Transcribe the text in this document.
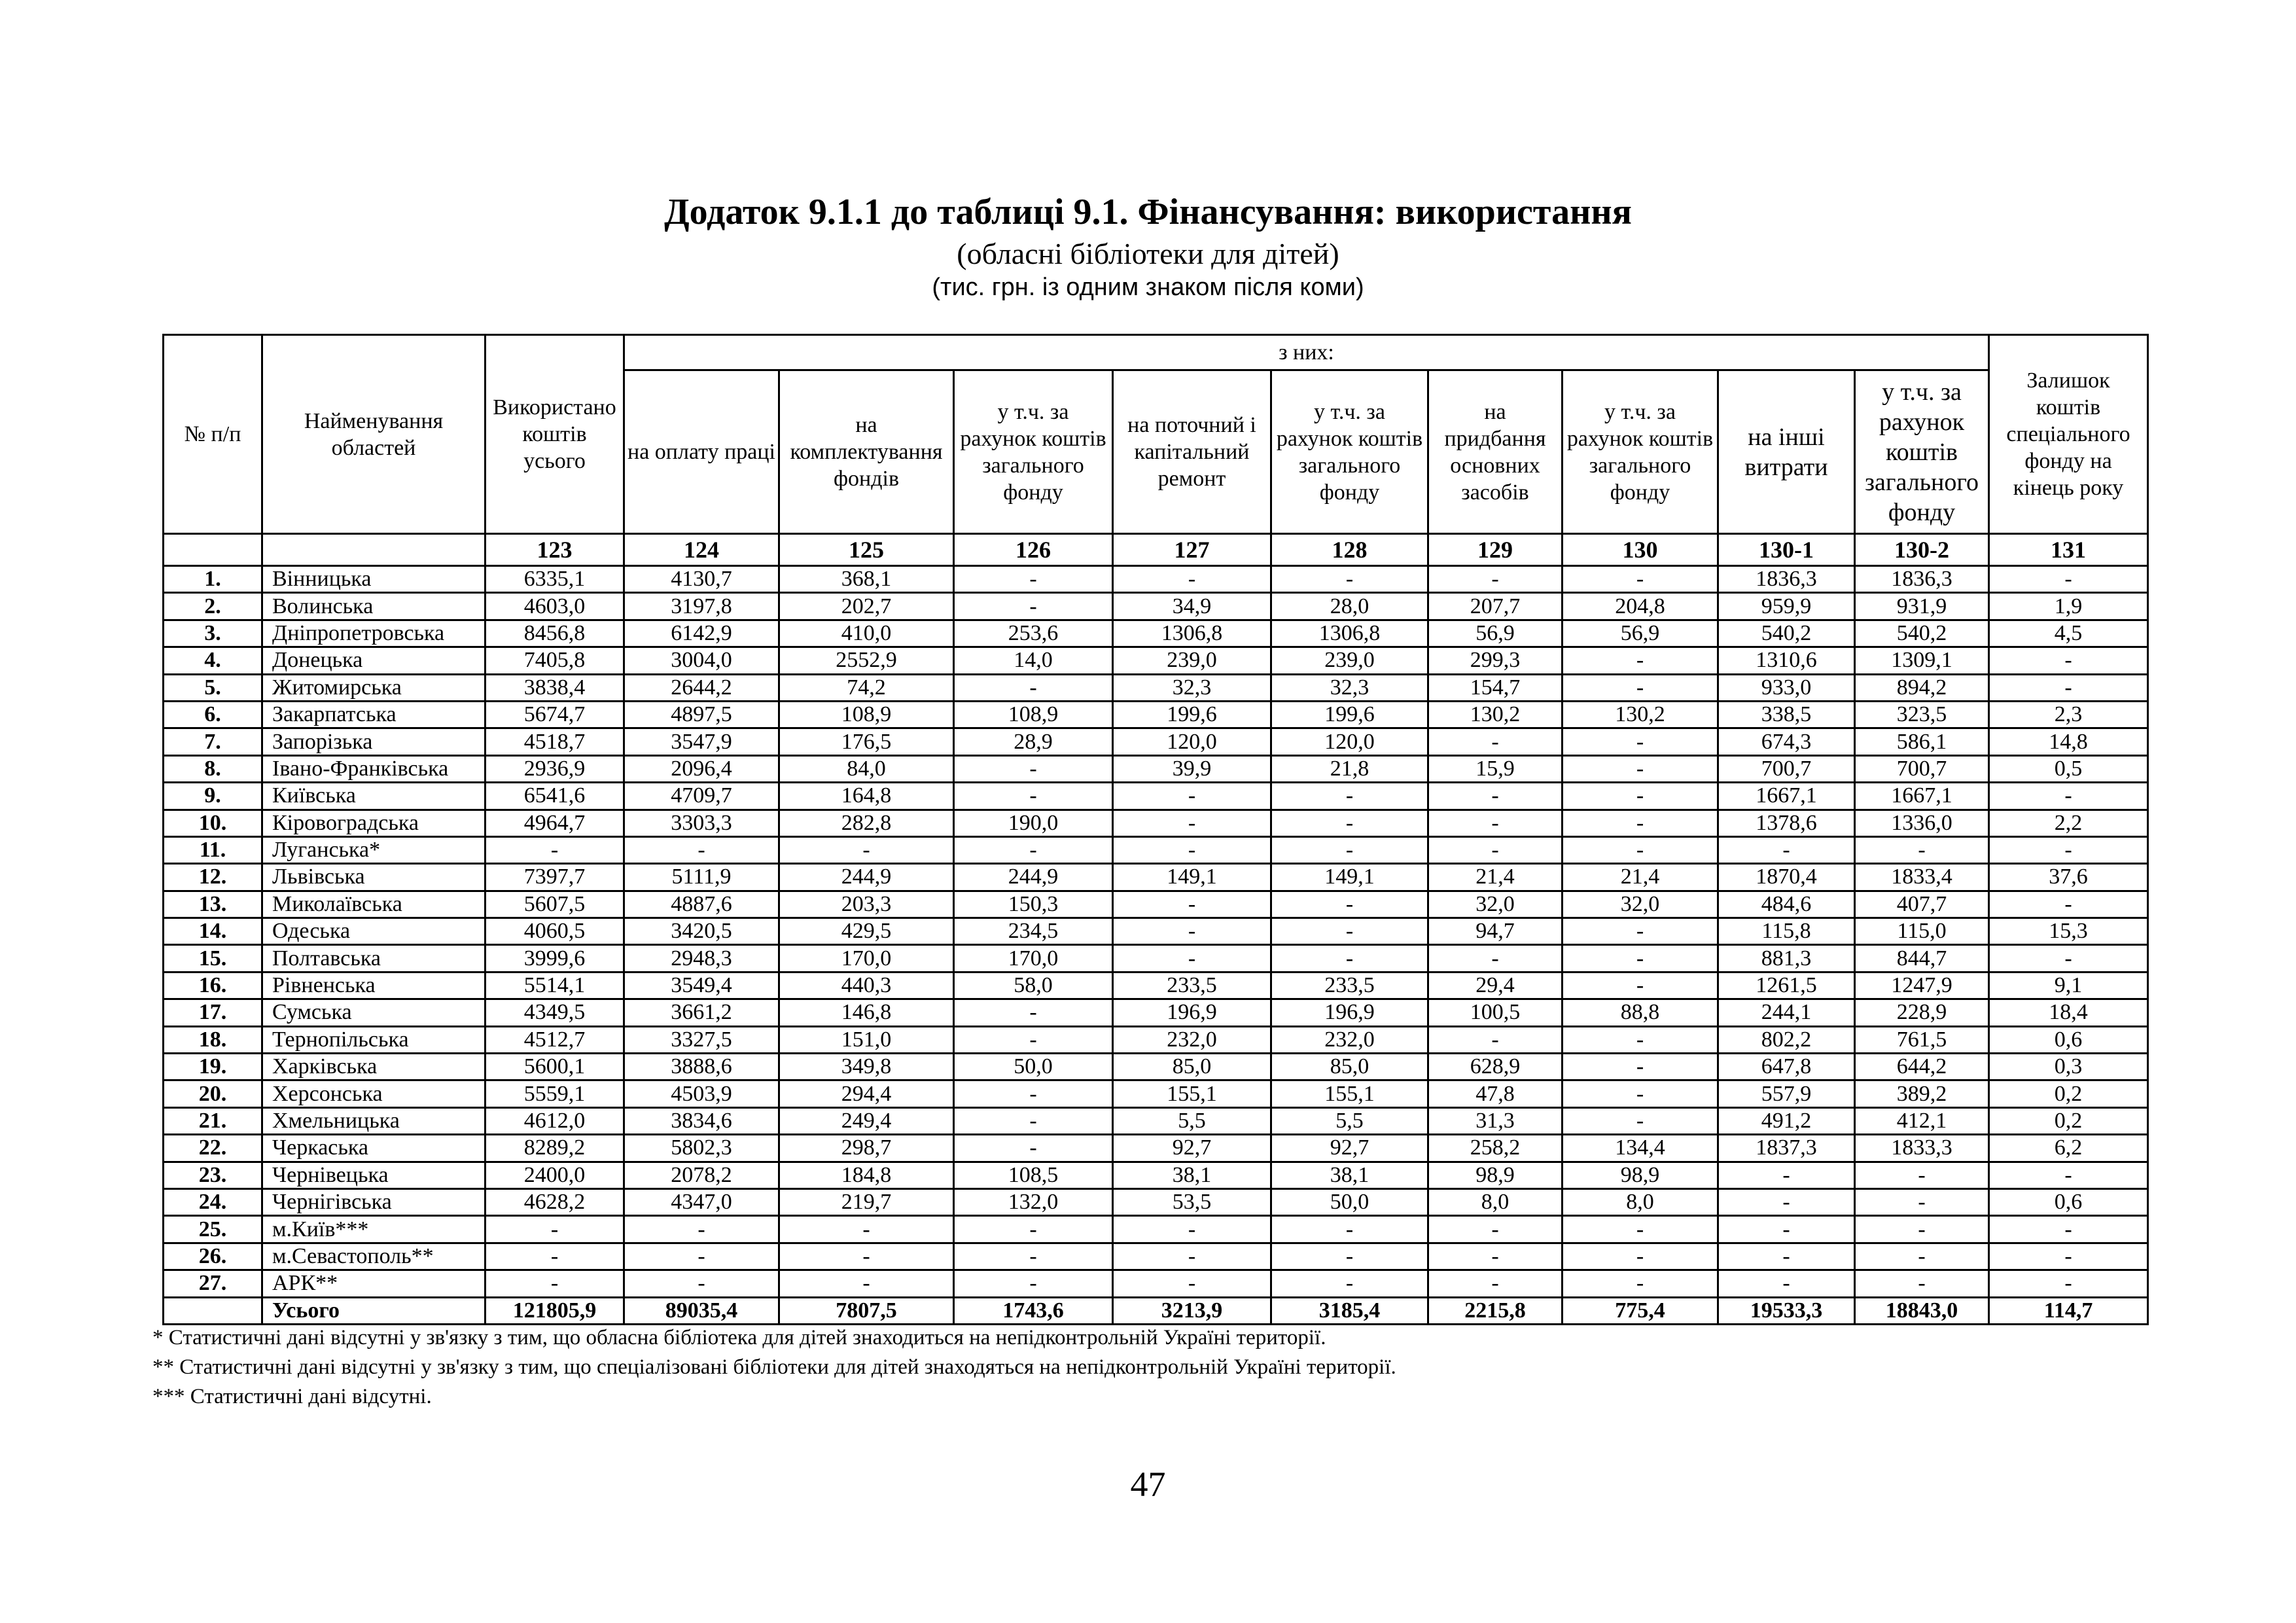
Додаток 9.1.1 до таблиці 9.1. Фінансування: використання
(обласні бібліотеки для дітей)
(тис. грн. із одним знаком після коми)
№ п/п	Найменування областей	Використано коштів усього	з них:									Залишок коштів спеціального фонду на кінець року
			на оплату праці	на комплектування фондів	у т.ч. за рахунок коштів загального фонду	на поточний і капітальний ремонт	у т.ч. за рахунок коштів загального фонду	на придбання основних засобів	у т.ч. за рахунок коштів загального фонду	на інші витрати	у т.ч. за рахунок коштів загального фонду	
		123	124	125	126	127	128	129	130	130-1	130-2	131
1.	Вінницька	6335,1	4130,7	368,1	-	-	-	-	-	1836,3	1836,3	-
2.	Волинська	4603,0	3197,8	202,7	-	34,9	28,0	207,7	204,8	959,9	931,9	1,9
3.	Дніпропетровська	8456,8	6142,9	410,0	253,6	1306,8	1306,8	56,9	56,9	540,2	540,2	4,5
4.	Донецька	7405,8	3004,0	2552,9	14,0	239,0	239,0	299,3	-	1310,6	1309,1	-
5.	Житомирська	3838,4	2644,2	74,2	-	32,3	32,3	154,7	-	933,0	894,2	-
6.	Закарпатська	5674,7	4897,5	108,9	108,9	199,6	199,6	130,2	130,2	338,5	323,5	2,3
7.	Запорізька	4518,7	3547,9	176,5	28,9	120,0	120,0	-	-	674,3	586,1	14,8
8.	Івано-Франківська	2936,9	2096,4	84,0	-	39,9	21,8	15,9	-	700,7	700,7	0,5
9.	Київська	6541,6	4709,7	164,8	-	-	-	-	-	1667,1	1667,1	-
10.	Кіровоградська	4964,7	3303,3	282,8	190,0	-	-	-	-	1378,6	1336,0	2,2
11.	Луганська*	-	-	-	-	-	-	-	-	-	-	-
12.	Львівська	7397,7	5111,9	244,9	244,9	149,1	149,1	21,4	21,4	1870,4	1833,4	37,6
13.	Миколаївська	5607,5	4887,6	203,3	150,3	-	-	32,0	32,0	484,6	407,7	-
14.	Одеська	4060,5	3420,5	429,5	234,5	-	-	94,7	-	115,8	115,0	15,3
15.	Полтавська	3999,6	2948,3	170,0	170,0	-	-	-	-	881,3	844,7	-
16.	Рівненська	5514,1	3549,4	440,3	58,0	233,5	233,5	29,4	-	1261,5	1247,9	9,1
17.	Сумська	4349,5	3661,2	146,8	-	196,9	196,9	100,5	88,8	244,1	228,9	18,4
18.	Тернопільська	4512,7	3327,5	151,0	-	232,0	232,0	-	-	802,2	761,5	0,6
19.	Харківська	5600,1	3888,6	349,8	50,0	85,0	85,0	628,9	-	647,8	644,2	0,3
20.	Херсонська	5559,1	4503,9	294,4	-	155,1	155,1	47,8	-	557,9	389,2	0,2
21.	Хмельницька	4612,0	3834,6	249,4	-	5,5	5,5	31,3	-	491,2	412,1	0,2
22.	Черкаська	8289,2	5802,3	298,7	-	92,7	92,7	258,2	134,4	1837,3	1833,3	6,2
23.	Чернівецька	2400,0	2078,2	184,8	108,5	38,1	38,1	98,9	98,9	-	-	-
24.	Чернігівська	4628,2	4347,0	219,7	132,0	53,5	50,0	8,0	8,0	-	-	0,6
25.	м.Київ***	-	-	-	-	-	-	-	-	-	-	-
26.	м.Севастополь**	-	-	-	-	-	-	-	-	-	-	-
27.	АРК**	-	-	-	-	-	-	-	-	-	-	-
	Усього	121805,9	89035,4	7807,5	1743,6	3213,9	3185,4	2215,8	775,4	19533,3	18843,0	114,7
* Статистичні дані відсутні у зв'язку з тим, що обласна бібліотека для дітей знаходиться на непідконтрольній Україні території.
** Статистичні дані відсутні у зв'язку з тим, що спеціалізовані бібліотеки для дітей знаходяться на непідконтрольній Україні території.
*** Статистичні дані відсутні.
47
